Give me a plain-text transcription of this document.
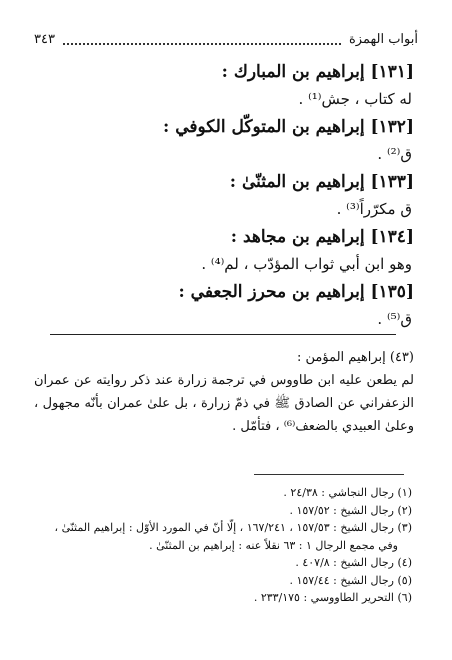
أبواب الهمزة
٣٤٣
[١٣١] إبراهيم بن المبارك :
له كتاب ، جش⁽¹⁾ .
[١٣٢] إبراهيم بن المتوكّل الكوفي :
ق⁽²⁾ .
[١٣٣] إبراهيم بن المثنّىٰ :
ق مكرّراً⁽³⁾ .
[١٣٤] إبراهيم بن مجاهد :
وهو ابن أبي ثواب المؤدّب ، لم⁽⁴⁾ .
[١٣٥] إبراهيم بن محرز الجعفي :
ق⁽⁵⁾ .
(٤٣) إبراهيم المؤمن :

لم يطعن عليه ابن طاووس في ترجمة زرارة عند ذكر روايته عن عمران الزعفراني عن الصادق ﷺ في ذمّ زرارة ، بل علىٰ عمران بأنّه مجهول ، وعلىٰ العبيدي بالضعف⁽⁶⁾ ، فتأمّل .

(١) رجال النجاشي : ٢٤/٣٨ .
(٢) رجال الشيخ : ١٥٧/٥٢ .
(٣) رجال الشيخ : ١٥٧/٥٣ ، ١٦٧/٢٤١ ، إلّا أنّ في المورد الأوّل : إبراهيم المثنّىٰ ،
وفي مجمع الرجال ١ : ٦٣ نقلاً عنه : إبراهيم بن المثنّىٰ .
(٤) رجال الشيخ : ٤٠٧/٨ .
(٥) رجال الشيخ : ١٥٧/٤٤ .
(٦) التحرير الطاووسي : ٢٣٣/١٧٥ .
